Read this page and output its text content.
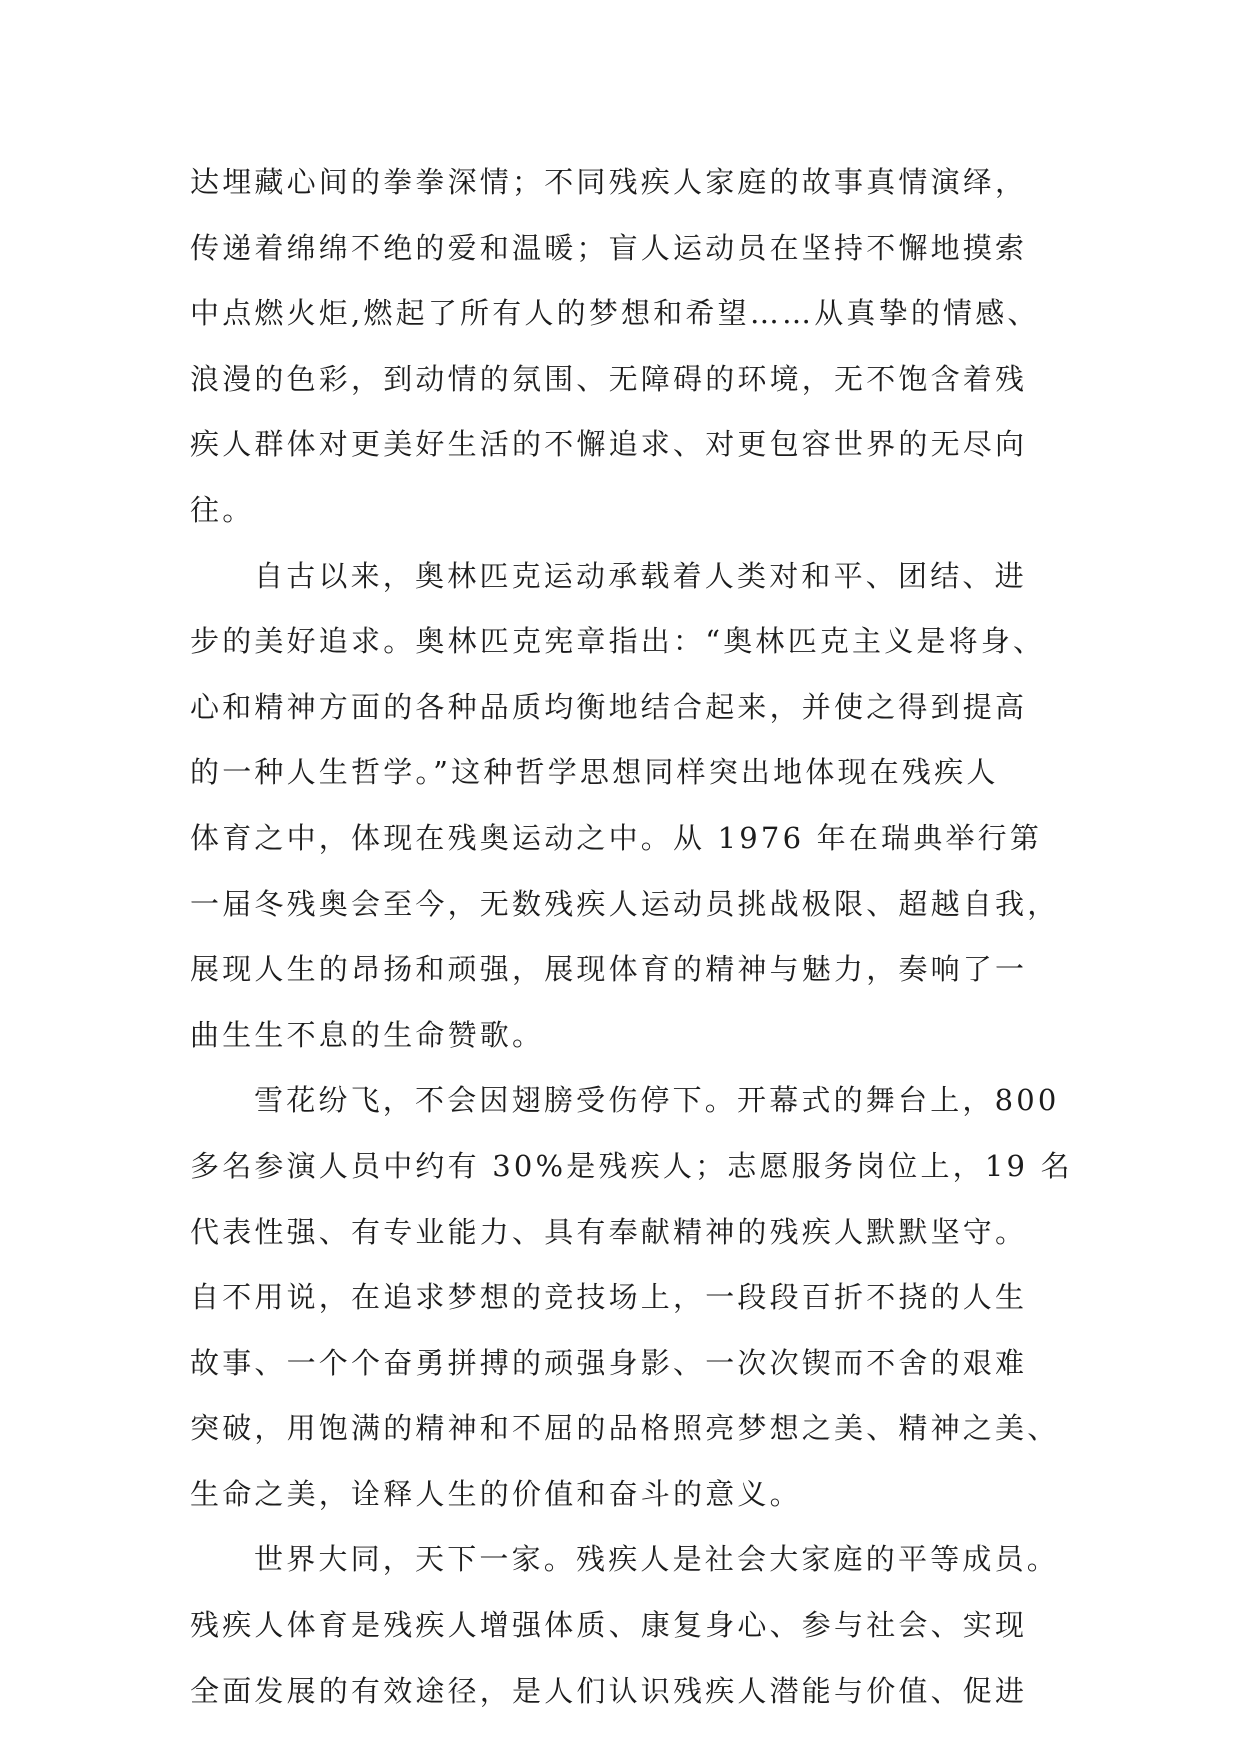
达埋藏心间的拳拳深情；不同残疾人家庭的故事真情演绎，
传递着绵绵不绝的爱和温暖；盲人运动员在坚持不懈地摸索
中点燃火炬,燃起了所有人的梦想和希望……从真挚的情感、
浪漫的色彩，到动情的氛围、无障碍的环境，无不饱含着残
疾人群体对更美好生活的不懈追求、对更包容世界的无尽向
往。
自古以来，奥林匹克运动承载着人类对和平、团结、进
步的美好追求。奥林匹克宪章指出：“奥林匹克主义是将身、
心和精神方面的各种品质均衡地结合起来，并使之得到提高
的一种人生哲学。”这种哲学思想同样突出地体现在残疾人
体育之中，体现在残奥运动之中。从 1976 年在瑞典举行第
一届冬残奥会至今，无数残疾人运动员挑战极限、超越自我，
展现人生的昂扬和顽强，展现体育的精神与魅力，奏响了一
曲生生不息的生命赞歌。
雪花纷飞，不会因翅膀受伤停下。开幕式的舞台上，800
多名参演人员中约有 30%是残疾人；志愿服务岗位上，19 名
代表性强、有专业能力、具有奉献精神的残疾人默默坚守。
自不用说，在追求梦想的竞技场上，一段段百折不挠的人生
故事、一个个奋勇拼搏的顽强身影、一次次锲而不舍的艰难
突破，用饱满的精神和不屈的品格照亮梦想之美、精神之美、
生命之美，诠释人生的价值和奋斗的意义。
世界大同，天下一家。残疾人是社会大家庭的平等成员。
残疾人体育是残疾人增强体质、康复身心、参与社会、实现
全面发展的有效途径，是人们认识残疾人潜能与价值、促进
